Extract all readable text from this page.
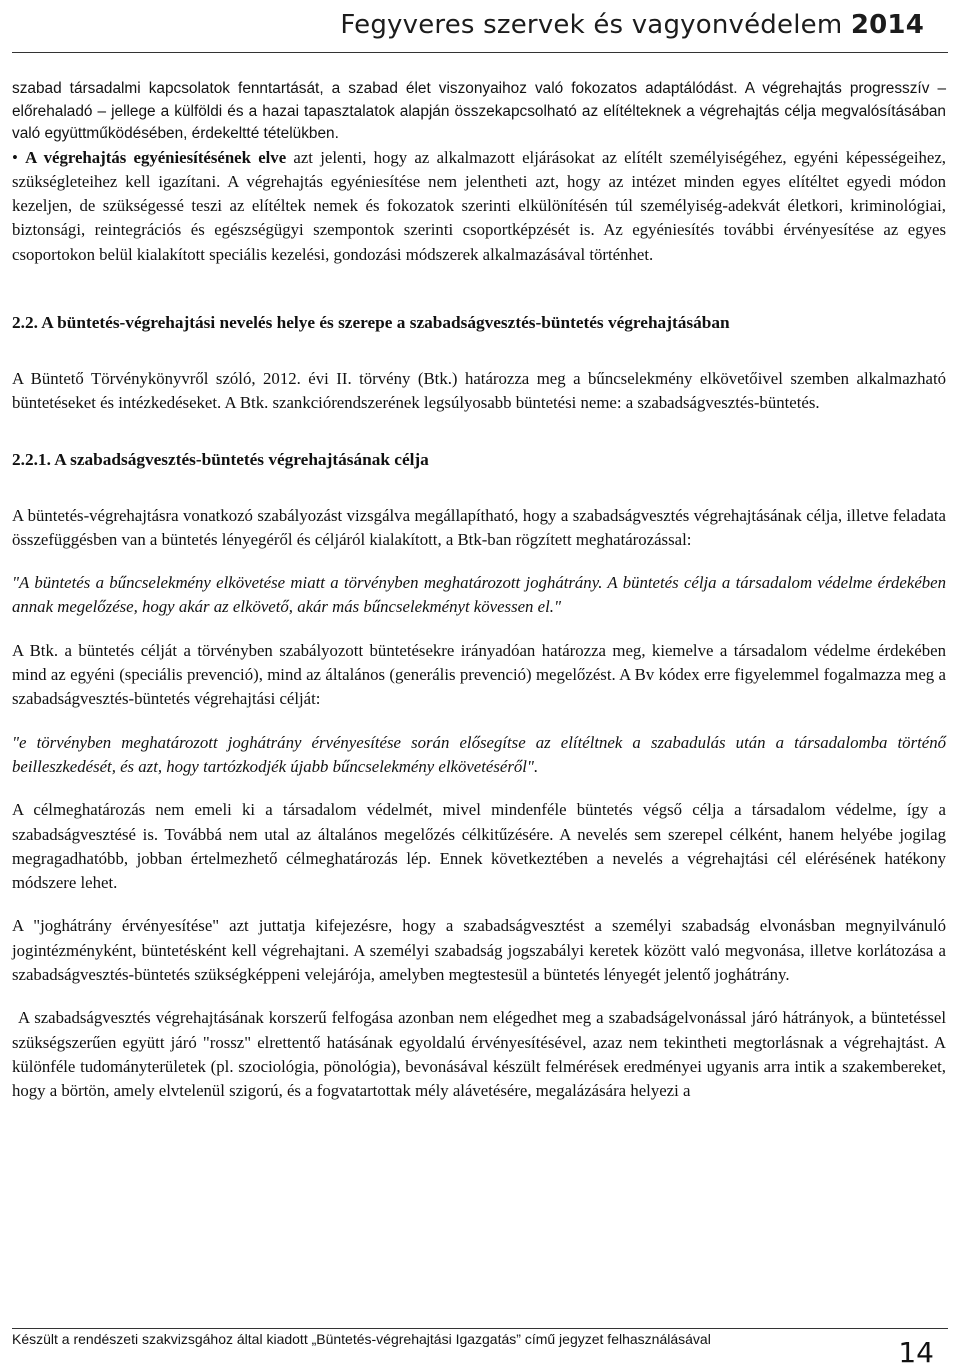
Fegyveres szervek és vagyonvédelem 2014

szabad társadalmi kapcsolatok fenntartását, a szabad élet viszonyaihoz való fokozatos adaptálódást. A végrehajtás progresszív – előrehaladó – jellege a külföldi és a hazai tapasztalatok alapján összekapcsolható az elítélteknek a végrehajtás célja megvalósításában való együttműködésében, érdekeltté tételükben.

• A végrehajtás egyéniesítésének elve azt jelenti, hogy az alkalmazott eljárásokat az elítélt személyiségéhez, egyéni képességeihez, szükségleteihez kell igazítani. A végrehajtás egyéniesítése nem jelentheti azt, hogy az intézet minden egyes elítéltet egyedi módon kezeljen, de szükségessé teszi az elítéltek nemek és fokozatok szerinti elkülönítésén túl személyiség-adekvát életkori, kriminológiai, biztonsági, reintegrációs és egészségügyi szempontok szerinti csoportképzését is. Az egyéniesítés további érvényesítése az egyes csoportokon belül kialakított speciális kezelési, gondozási módszerek alkalmazásával történhet.

2.2. A büntetés-végrehajtási nevelés helye és szerepe a szabadságvesztés-büntetés végrehajtásában

A Büntető Törvénykönyvről szóló, 2012. évi II. törvény (Btk.) határozza meg a bűncselekmény elkövetőivel szemben alkalmazható büntetéseket és intézkedéseket. A Btk. szankciórendszerének legsúlyosabb büntetési neme: a szabadságvesztés-büntetés.

2.2.1. A szabadságvesztés-büntetés végrehajtásának célja

A büntetés-végrehajtásra vonatkozó szabályozást vizsgálva megállapítható, hogy a szabadságvesztés végrehajtásának célja, illetve feladata összefüggésben van a büntetés lényegéről és céljáról kialakított, a Btk-ban rögzített meghatározással:

"A büntetés a bűncselekmény elkövetése miatt a törvényben meghatározott joghátrány. A büntetés célja a társadalom védelme érdekében annak megelőzése, hogy akár az elkövető, akár más bűncselekményt kövessen el."

A Btk. a büntetés célját a törvényben szabályozott büntetésekre irányadóan határozza meg, kiemelve a társadalom védelme érdekében mind az egyéni (speciális prevenció), mind az általános (generális prevenció) megelőzést. A Bv kódex erre figyelemmel fogalmazza meg a szabadságvesztés-büntetés végrehajtási célját:

"e törvényben meghatározott joghátrány érvényesítése során elősegítse az elítéltnek a szabadulás után a társadalomba történő beilleszkedését, és azt, hogy tartózkodjék újabb bűncselekmény elkövetéséről".

A célmeghatározás nem emeli ki a társadalom védelmét, mivel mindenféle büntetés végső célja a társadalom védelme, így a szabadságvesztésé is. Továbbá nem utal az általános megelőzés célkitűzésére. A nevelés sem szerepel célként, hanem helyébe jogilag megragadhatóbb, jobban értelmezhető célmeghatározás lép. Ennek következtében a nevelés a végrehajtási cél elérésének hatékony módszere lehet.

A "joghátrány érvényesítése" azt juttatja kifejezésre, hogy a szabadságvesztést a személyi szabadság elvonásban megnyilvánuló jogintézményként, büntetésként kell végrehajtani. A személyi szabadság jogszabályi keretek között való megvonása, illetve korlátozása a szabadságvesztés-büntetés szükségképpeni velejárója, amelyben megtestesül a büntetés lényegét jelentő joghátrány.

A szabadságvesztés végrehajtásának korszerű felfogása azonban nem elégedhet meg a szabadságelvonással járó hátrányok, a büntetéssel szükségszerűen együtt járó "rossz" elrettentő hatásának egyoldalú érvényesítésével, azaz nem tekintheti megtorlásnak a végrehajtást. A különféle tudományterületek (pl. szociológia, pönológia), bevonásával készült felmérések eredményei ugyanis arra intik a szakembereket, hogy a börtön, amely elvtelenül szigorú, és a fogvatartottak mély alávetésére, megalázására helyezi a

Készült a rendészeti szakvizsgához által kiadott „Büntetés-végrehajtási Igazgatás” című jegyzet felhasználásával	14
